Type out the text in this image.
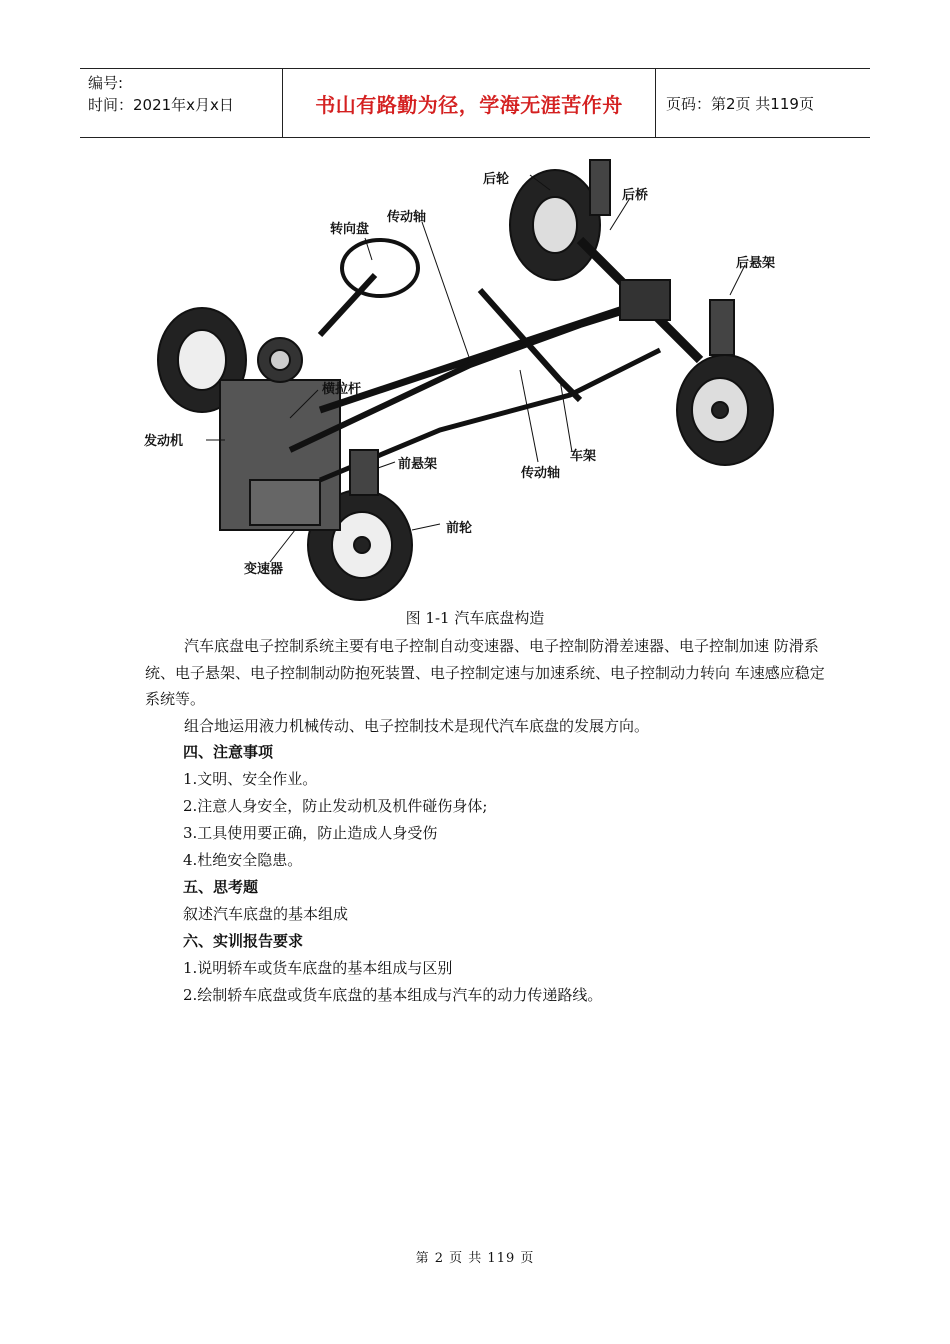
编号:
时间：2021年x月x日	书山有路勤为径，学海无涯苦作舟	页码：第2页 共119页
后轮
后桥
转向盘
传动轴
后悬架
横拉杆
发动机
前悬架
车架
传动轴
前轮
变速器
图 1-1 汽车底盘构造

汽车底盘电子控制系统主要有电子控制自动变速器、电子控制防滑差速器、电子控制加速 防滑系统、电子悬架、电子控制制动防抱死装置、电子控制定速与加速系统、电子控制动力转向 车速感应稳定系统等。

组合地运用液力机械传动、电子控制技术是现代汽车底盘的发展方向。

四、注意事项

1.文明、安全作业。

2.注意人身安全，防止发动机及机件碰伤身体;

3.工具使用要正确，防止造成人身受伤

4.杜绝安全隐患。

五、思考题

叙述汽车底盘的基本组成

六、实训报告要求

1.说明轿车或货车底盘的基本组成与区别

2.绘制轿车底盘或货车底盘的基本组成与汽车的动力传递路线。

第 2 页 共 119 页
